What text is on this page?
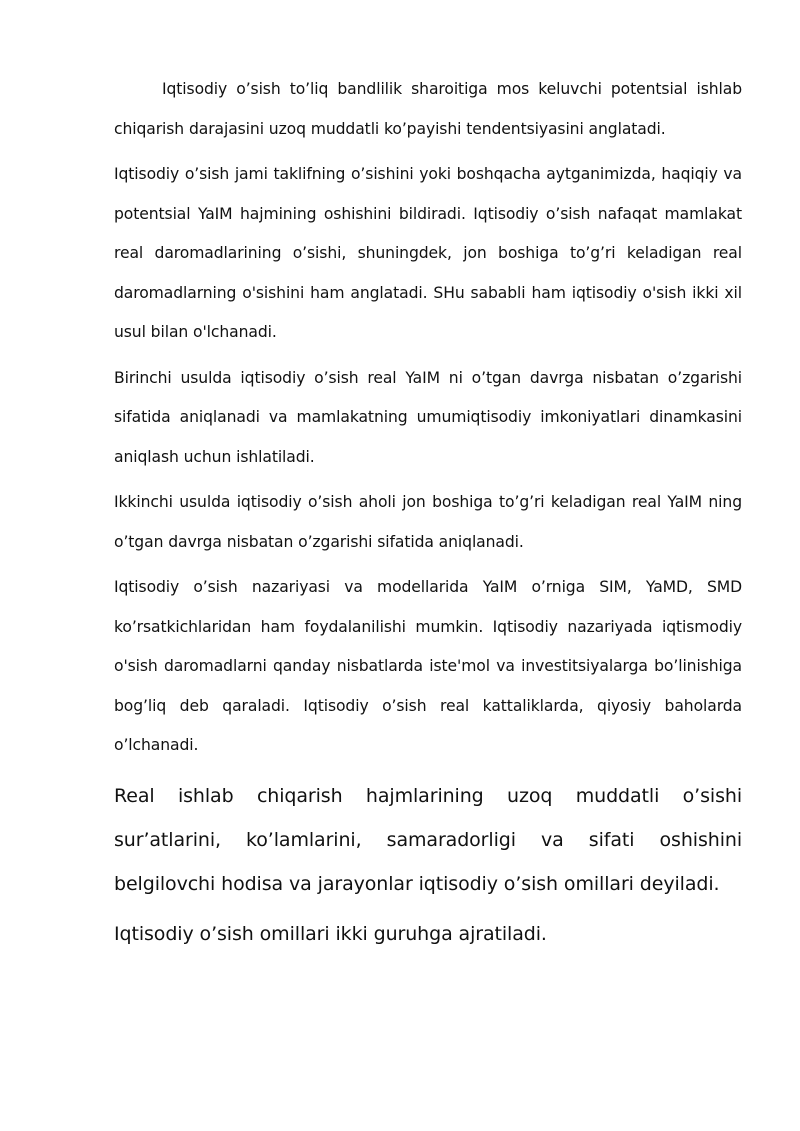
Iqtisodiy o’sish to’liq bandlilik sharoitiga mos keluvchi potentsial ishlab chiqarish darajasini uzoq muddatli ko’payishi tendentsiyasini anglatadi.

Iqtisodiy o’sish jami taklifning o’sishini yoki boshqacha aytganimizda, haqiqiy va potentsial YaIM hajmining oshishini bildiradi. Iqtisodiy o’sish nafaqat mamlakat real daromadlarining o’sishi, shuningdek, jon boshiga to’g’ri keladigan real daromadlarning o'sishini ham anglatadi. SHu sababli ham iqtisodiy o'sish ikki xil usul bilan o'lchanadi.

Birinchi usulda iqtisodiy o’sish real YaIM ni o’tgan davrga nisbatan o’zgarishi sifatida aniqlanadi va mamlakatning umumiqtisodiy imkoniyatlari dinamkasini aniqlash uchun ishlatiladi.

Ikkinchi usulda iqtisodiy o’sish aholi jon boshiga to’g’ri keladigan real YaIM ning o’tgan davrga nisbatan o’zgarishi sifatida aniqlanadi.

Iqtisodiy o’sish nazariyasi va modellarida YaIM o’rniga SIM, YaMD, SMD ko’rsatkichlaridan ham foydalanilishi mumkin. Iqtisodiy nazariyada iqtismodiy o'sish daromadlarni qanday nisbatlarda iste'mol va investitsiyalarga bo’linishiga bog’liq deb qaraladi. Iqtisodiy o’sish real kattaliklarda, qiyosiy baholarda o’lchanadi.

Real ishlab chiqarish hajmlarining uzoq muddatli o’sishi sur’atlarini, ko’lamlarini, samaradorligi va sifati oshishini belgilovchi hodisa va jarayonlar iqtisodiy o’sish omillari deyiladi.

Iqtisodiy o’sish omillari ikki guruhga ajratiladi.
